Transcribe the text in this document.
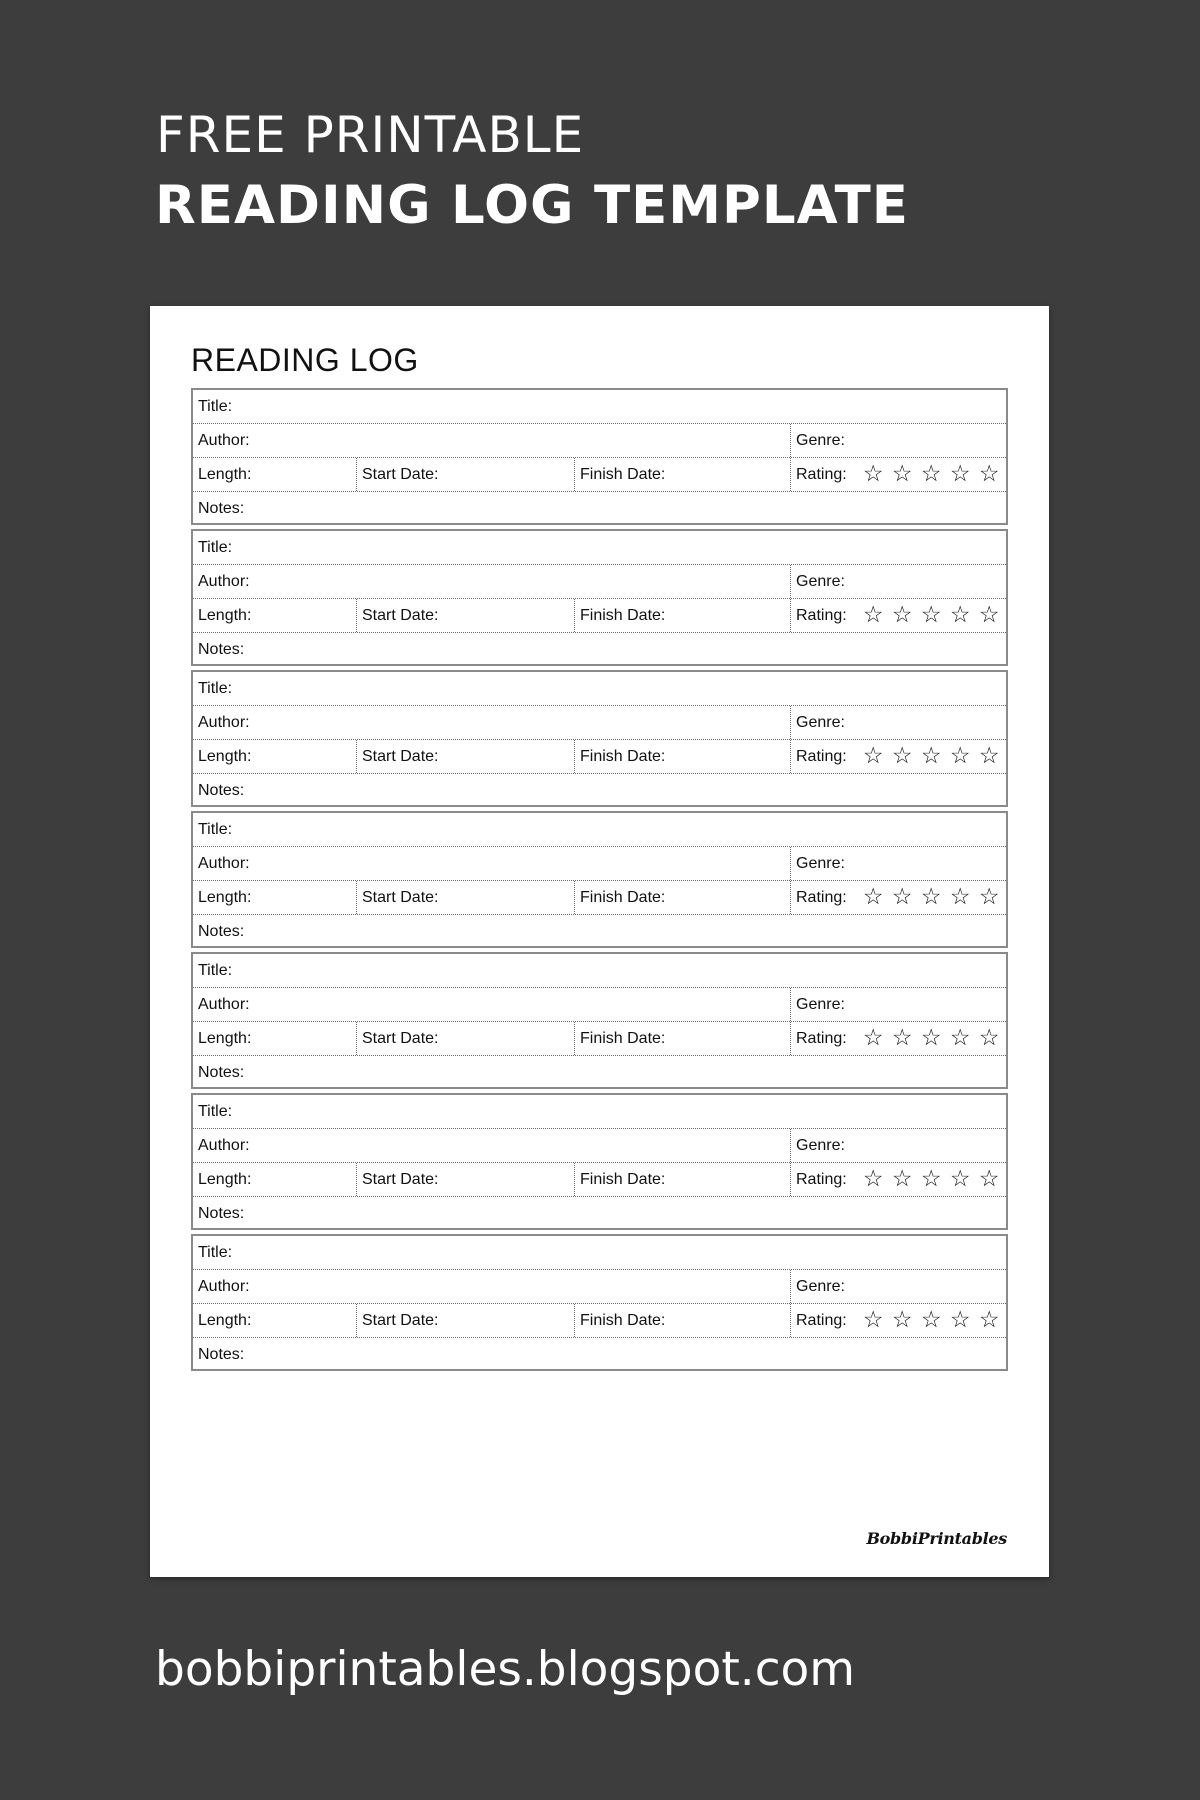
FREE PRINTABLE
READING LOG TEMPLATE
READING LOG
Title:
Author:	Genre:
Length:	Start Date:	Finish Date:	Rating: ☆ ☆ ☆ ☆ ☆
Notes:
Title:
Author:	Genre:
Length:	Start Date:	Finish Date:	Rating: ☆ ☆ ☆ ☆ ☆
Notes:
Title:
Author:	Genre:
Length:	Start Date:	Finish Date:	Rating: ☆ ☆ ☆ ☆ ☆
Notes:
Title:
Author:	Genre:
Length:	Start Date:	Finish Date:	Rating: ☆ ☆ ☆ ☆ ☆
Notes:
Title:
Author:	Genre:
Length:	Start Date:	Finish Date:	Rating: ☆ ☆ ☆ ☆ ☆
Notes:
Title:
Author:	Genre:
Length:	Start Date:	Finish Date:	Rating: ☆ ☆ ☆ ☆ ☆
Notes:
Title:
Author:	Genre:
Length:	Start Date:	Finish Date:	Rating: ☆ ☆ ☆ ☆ ☆
Notes:
BobbiPrintables

bobbiprintables.blogspot.com
